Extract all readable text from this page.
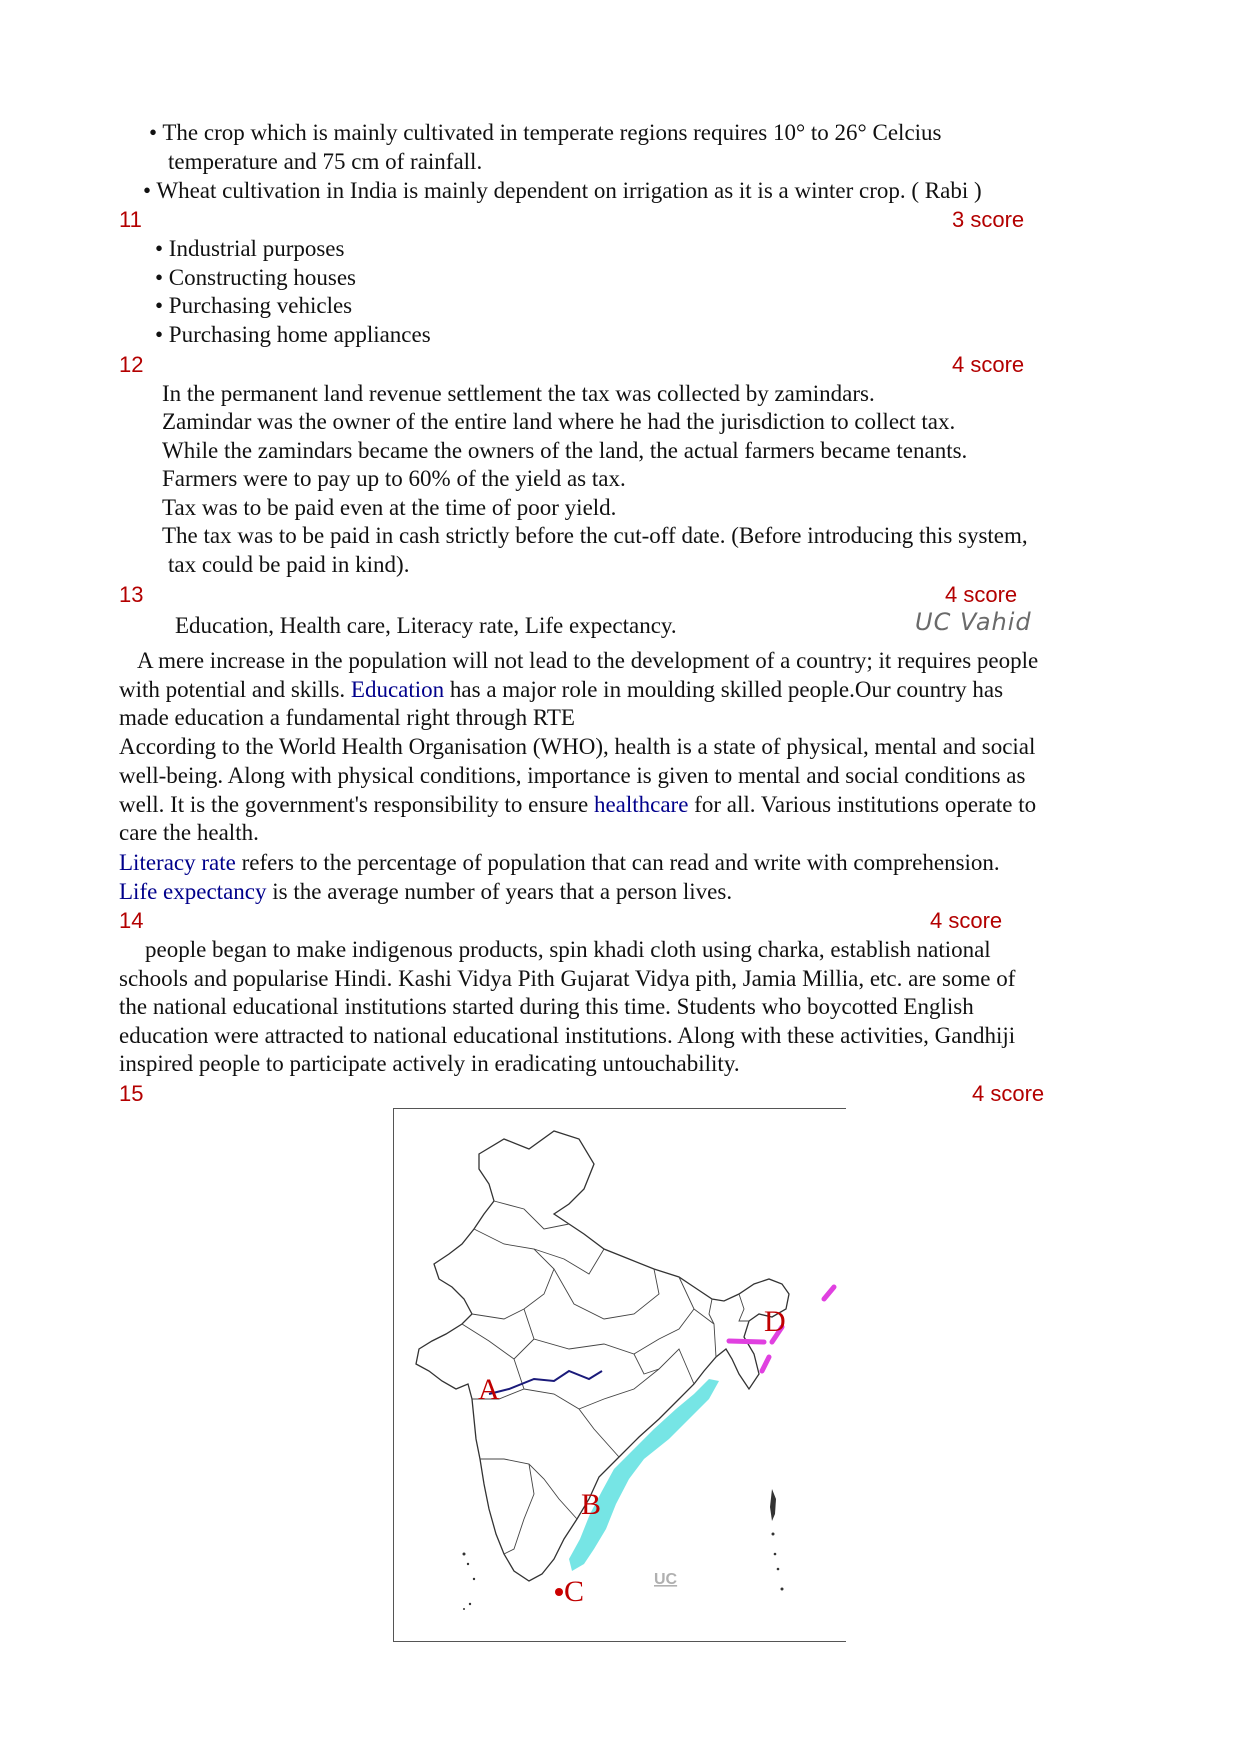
• The crop which is mainly cultivated in temperate regions requires 10° to 26° Celcius
temperature and 75 cm of rainfall.
• Wheat cultivation in India is mainly dependent on irrigation as it is a winter crop. ( Rabi )
11	3 score
• Industrial purposes
• Constructing houses
• Purchasing vehicles
• Purchasing home appliances
12	4 score
In the permanent land revenue settlement the tax was collected by zamindars.
Zamindar was the owner of the entire land where he had the jurisdiction to collect tax.
While the zamindars became the owners of the land, the actual farmers became tenants.
Farmers were to pay up to 60% of the yield as tax.
Tax was to be paid even at the time of poor yield.
The tax was to be paid in cash strictly before the cut-off date. (Before introducing this system,
tax could be paid in kind).
13	4 score
Education, Health care, Literacy rate, Life expectancy.	UC Vahid
A mere increase in the population will not lead to the development of a country; it requires people
with potential and skills. Education has a major role in moulding skilled people.Our country has
made education a fundamental right through RTE
According to the World Health Organisation (WHO), health is a state of physical, mental and social
well-being. Along with physical conditions, importance is given to mental and social conditions as
well. It is the government's responsibility to ensure healthcare for all. Various institutions operate to
care the health.
Literacy rate refers to the percentage of population that can read and write with comprehension.
Life expectancy is the average number of years that a person lives.
14	4 score
people began to make indigenous products, spin khadi cloth using charka, establish national
schools and popularise Hindi. Kashi Vidya Pith Gujarat Vidya pith, Jamia Millia, etc. are some of
the national educational institutions started during this time. Students who boycotted English
education were attracted to national educational institutions. Along with these activities, Gandhiji
inspired people to participate actively in eradicating untouchability.
15	4 score
A
B
C
D
UC
